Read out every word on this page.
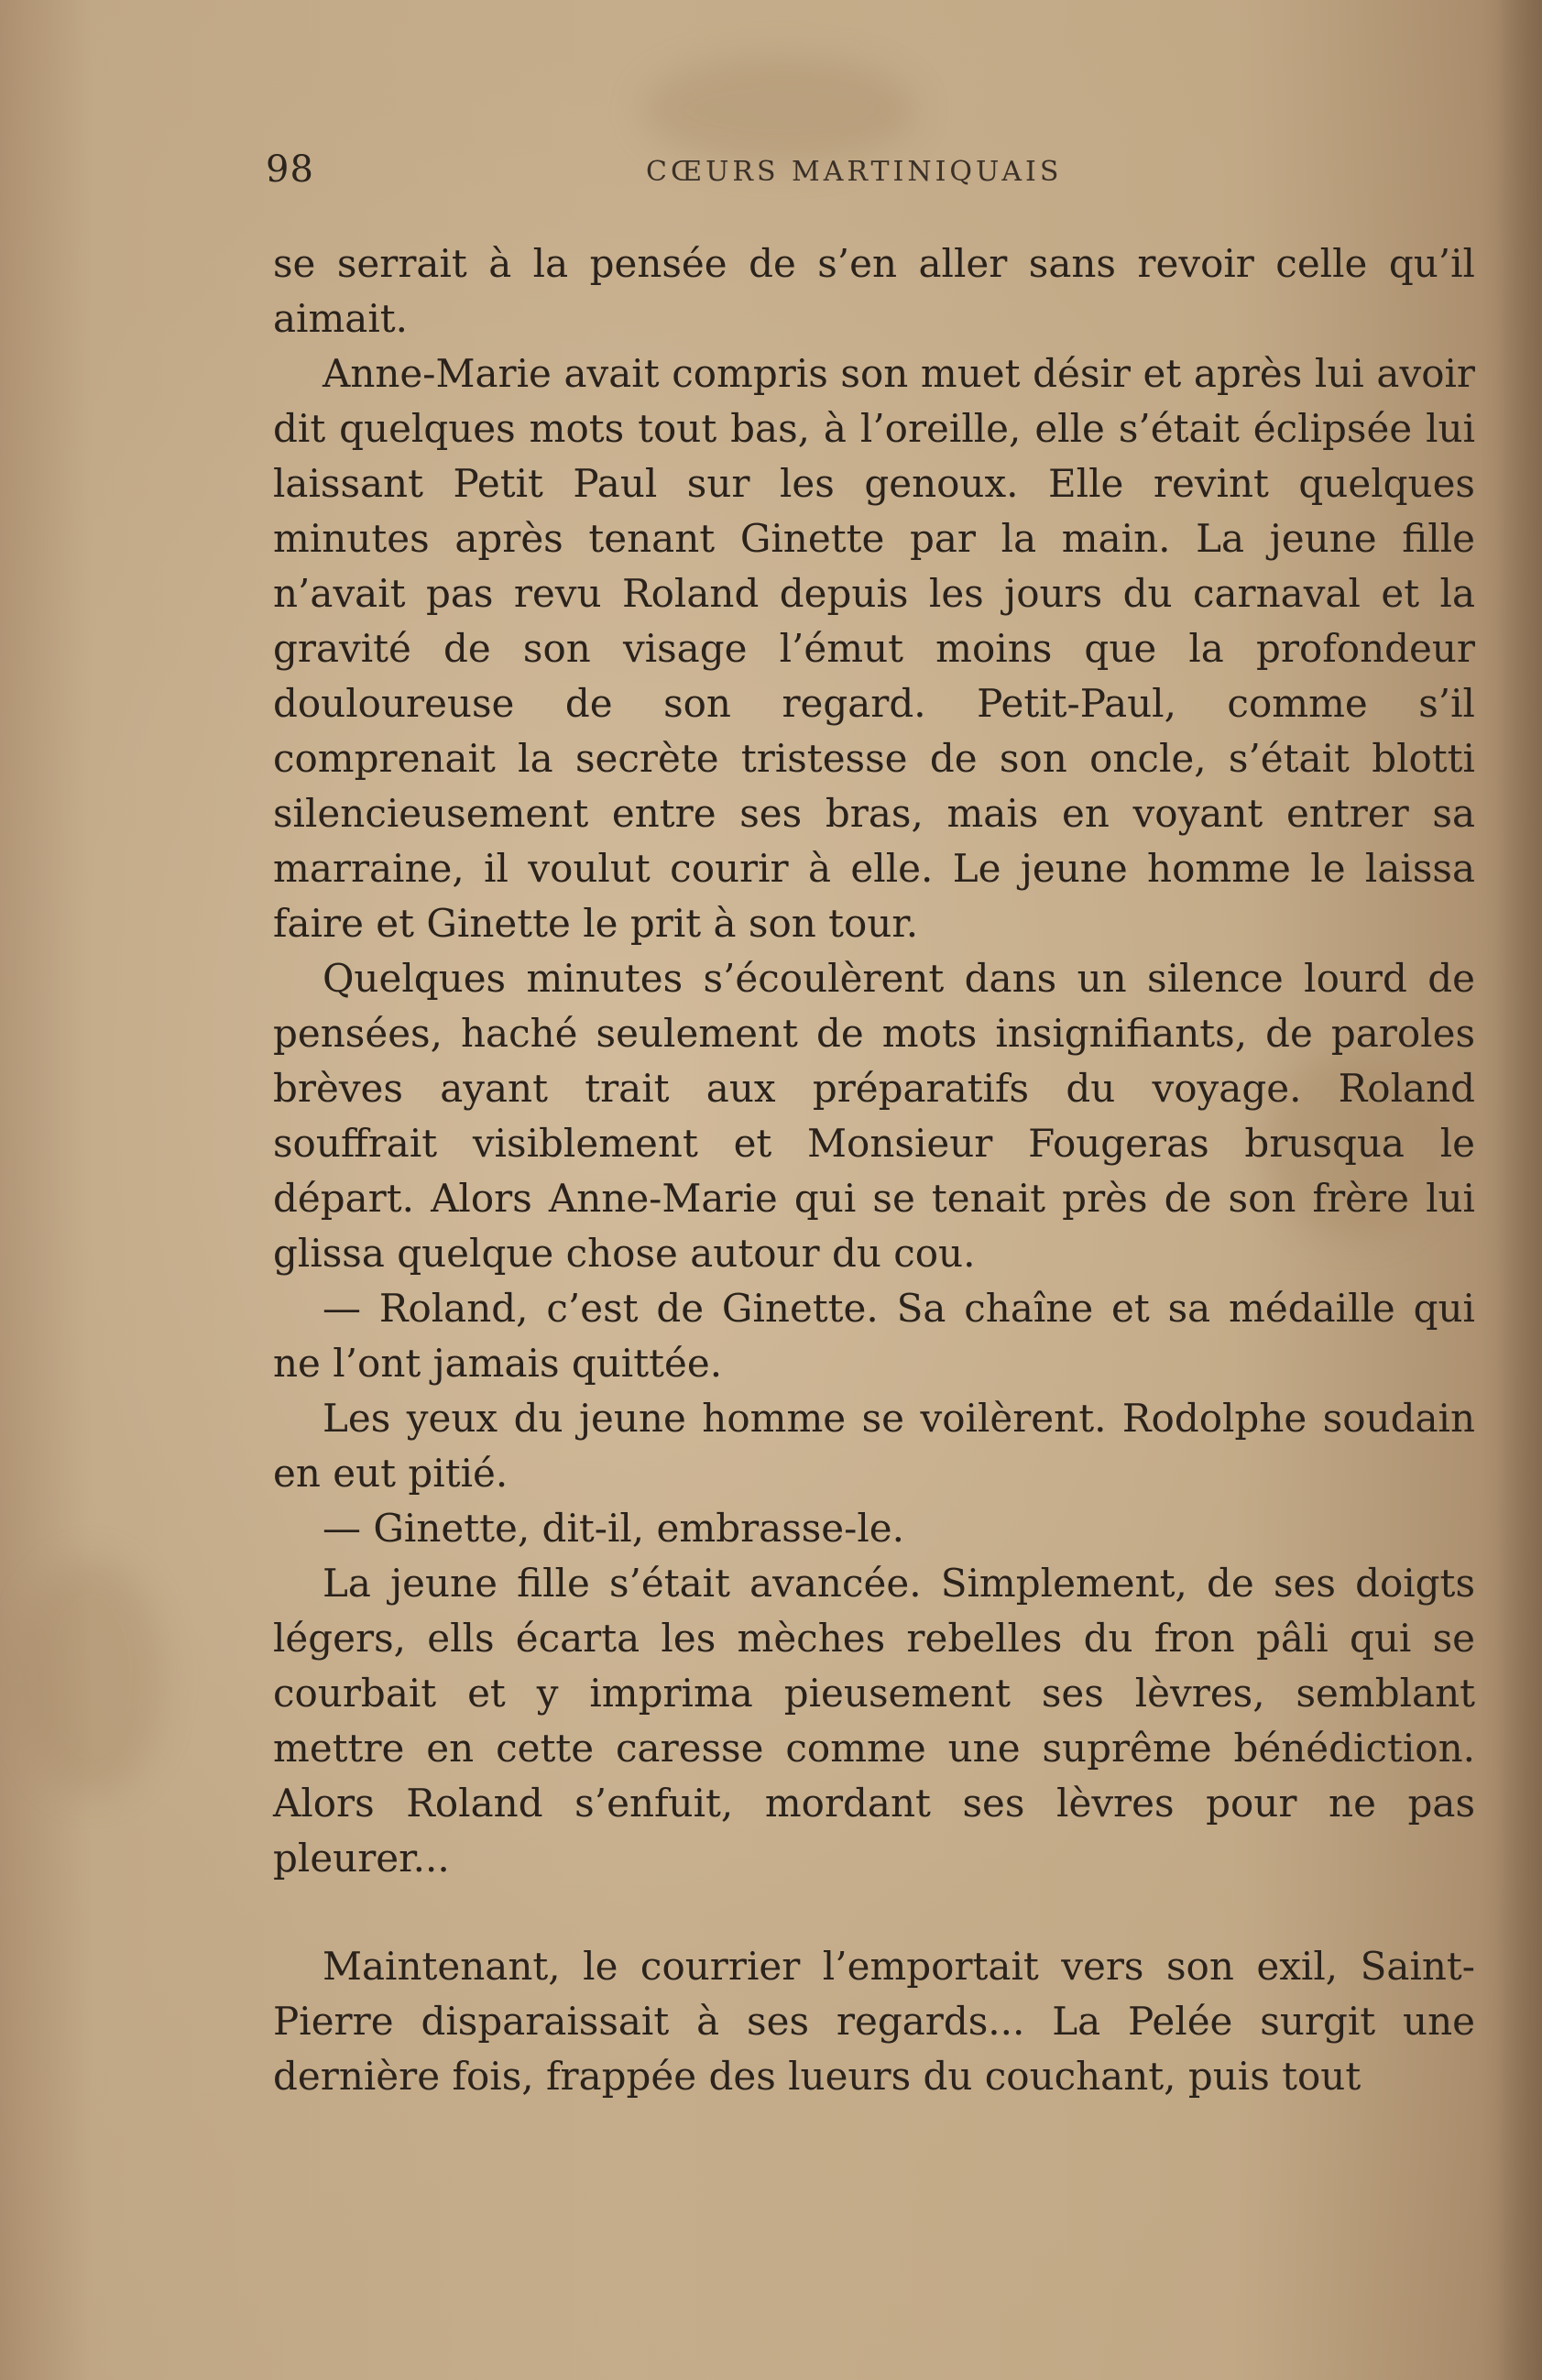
98	CŒURS MARTINIQUAIS

se serrait à la pensée de s’en aller sans revoir celle qu’il aimait.

Anne-Marie avait compris son muet désir et après lui avoir dit quelques mots tout bas, à l’oreille, elle s’était éclipsée lui laissant Petit Paul sur les genoux. Elle revint quelques minutes après tenant Ginette par la main. La jeune fille n’avait pas revu Roland depuis les jours du carnaval et la gravité de son visage l’émut moins que la profondeur douloureuse de son regard. Petit-Paul, comme s’il comprenait la secrète tristesse de son oncle, s’était blotti silencieusement entre ses bras, mais en voyant entrer sa marraine, il voulut courir à elle. Le jeune homme le laissa faire et Ginette le prit à son tour.

Quelques minutes s’écoulèrent dans un silence lourd de pensées, haché seulement de mots insignifiants, de paroles brèves ayant trait aux préparatifs du voyage. Roland souffrait visiblement et Monsieur Fougeras brusqua le départ. Alors Anne-Marie qui se tenait près de son frère lui glissa quelque chose autour du cou.

— Roland, c’est de Ginette. Sa chaîne et sa médaille qui ne l’ont jamais quittée.

Les yeux du jeune homme se voilèrent. Rodolphe soudain en eut pitié.

— Ginette, dit-il, embrasse-le.

La jeune fille s’était avancée. Simplement, de ses doigts légers, ells écarta les mèches rebelles du fron pâli qui se courbait et y imprima pieusement ses lèvres, semblant mettre en cette caresse comme une suprême bénédiction. Alors Roland s’enfuit, mordant ses lèvres pour ne pas pleurer...

Maintenant, le courrier l’emportait vers son exil, Saint-Pierre disparaissait à ses regards... La Pelée surgit une dernière fois, frappée des lueurs du couchant, puis tout
